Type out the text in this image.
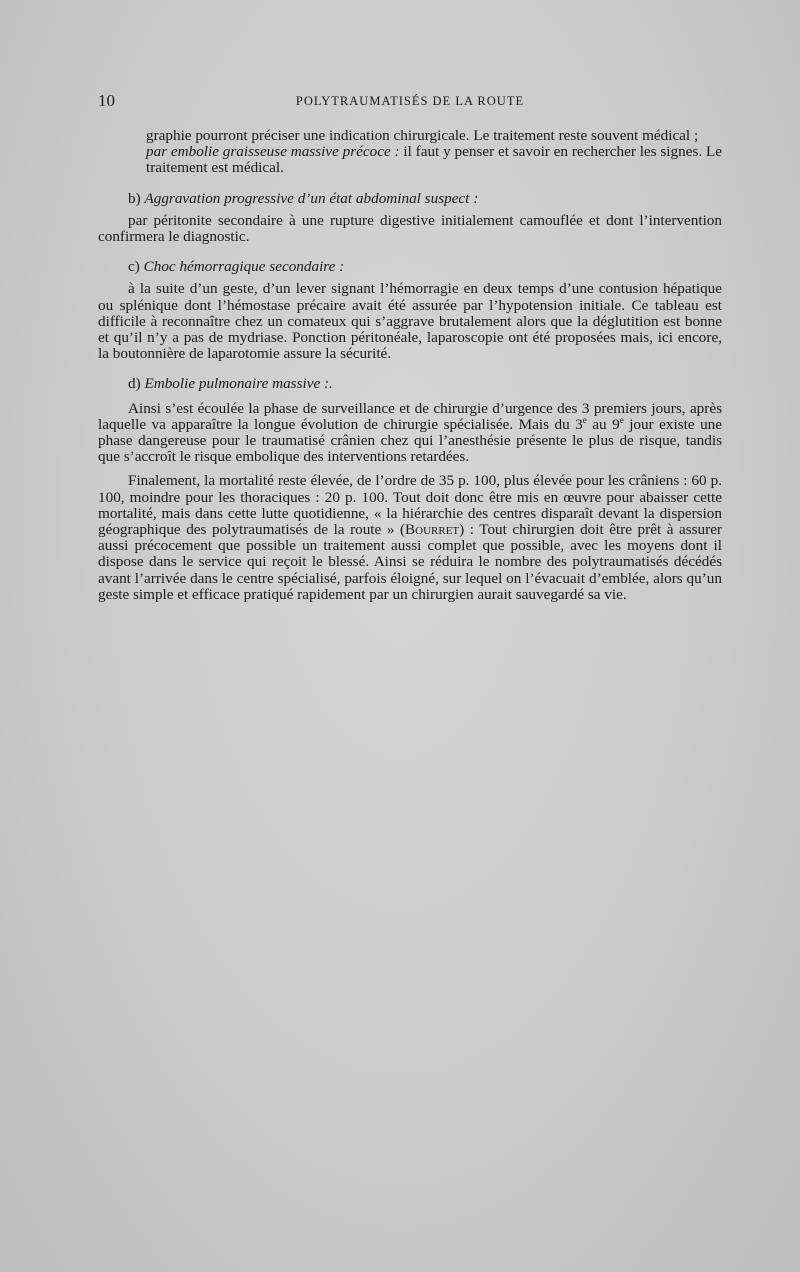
10	POLYTRAUMATISÉS DE LA ROUTE

graphie pourront préciser une indication chirurgicale. Le traitement reste souvent médical ;

par embolie graisseuse massive précoce : il faut y penser et savoir en rechercher les signes. Le traitement est médical.

b) Aggravation progressive d’un état abdominal suspect :

par péritonite secondaire à une rupture digestive initialement camouflée et dont l’intervention confirmera le diagnostic.

c) Choc hémorragique secondaire :

à la suite d’un geste, d’un lever signant l’hémorragie en deux temps d’une contusion hépatique ou splénique dont l’hémostase précaire avait été assurée par l’hypotension initiale. Ce tableau est difficile à reconnaître chez un comateux qui s’aggrave brutalement alors que la déglutition est bonne et qu’il n’y a pas de mydriase. Ponction péritonéale, laparoscopie ont été proposées mais, ici encore, la boutonnière de laparotomie assure la sécurité.

d) Embolie pulmonaire massive :.

Ainsi s’est écoulée la phase de surveillance et de chirurgie d’urgence des 3 premiers jours, après laquelle va apparaître la longue évolution de chirurgie spécialisée. Mais du 3e au 9e jour existe une phase dangereuse pour le traumatisé crânien chez qui l’anesthésie présente le plus de risque, tandis que s’accroît le risque embolique des interventions retardées.

Finalement, la mortalité reste élevée, de l’ordre de 35 p. 100, plus élevée pour les crâniens : 60 p. 100, moindre pour les thoraciques : 20 p. 100. Tout doit donc être mis en œuvre pour abaisser cette mortalité, mais dans cette lutte quotidienne, « la hiérarchie des centres disparaît devant la dispersion géographique des polytraumatisés de la route » (Bourret) : Tout chirurgien doit être prêt à assurer aussi précocement que possible un traitement aussi complet que possible, avec les moyens dont il dispose dans le service qui reçoit le blessé. Ainsi se réduira le nombre des polytraumatisés décédés avant l’arrivée dans le centre spécialisé, parfois éloigné, sur lequel on l’évacuait d’emblée, alors qu’un geste simple et efficace pratiqué rapidement par un chirurgien aurait sauvegardé sa vie.
